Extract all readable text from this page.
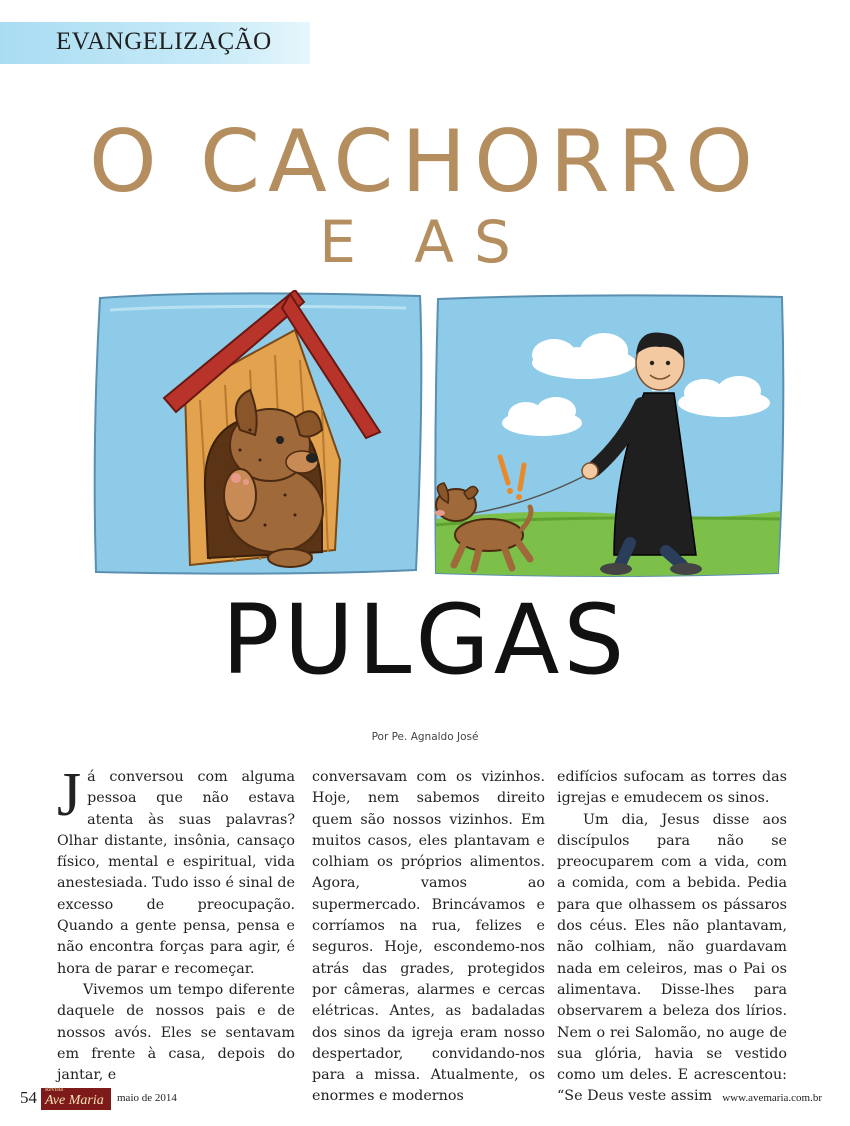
EVANGELIZAÇÃO
O CACHORRO
E AS
PULGAS
Por Pe. Agnaldo José

Já conversou com alguma pessoa que não estava atenta às suas palavras? Olhar distante, insônia, cansaço físico, mental e espiritual, vida anestesiada. Tudo isso é sinal de excesso de preocupação. Quando a gente pensa, pensa e não encontra forças para agir, é hora de parar e recomeçar.

Vivemos um tempo diferente daquele de nossos pais e de nossos avós. Eles se sentavam em frente à casa, depois do jantar, e

conversavam com os vizinhos. Hoje, nem sabemos direito quem são nossos vizinhos. Em muitos casos, eles plantavam e colhiam os próprios alimentos. Agora, vamos ao supermercado. Brincávamos e corríamos na rua, felizes e seguros. Hoje, escondemo-nos atrás das grades, protegidos por câmeras, alarmes e cercas elétricas. Antes, as badaladas dos sinos da igreja eram nosso despertador, convidando-nos para a missa. Atualmente, os enormes e modernos

edifícios sufocam as torres das igrejas e emudecem os sinos.

Um dia, Jesus disse aos discípulos para não se preocuparem com a vida, com a comida, com a bebida. Pedia para que olhassem os pássaros dos céus. Eles não plantavam, não colhiam, não guardavam nada em celeiros, mas o Pai os alimentava. Disse-lhes para observarem a beleza dos lírios. Nem o rei Salomão, no auge de sua glória, havia se vestido como um deles. E acrescentou: “Se Deus veste assim

54 Revista
Ave Maria maio de 2014	www.avemaria.com.br
